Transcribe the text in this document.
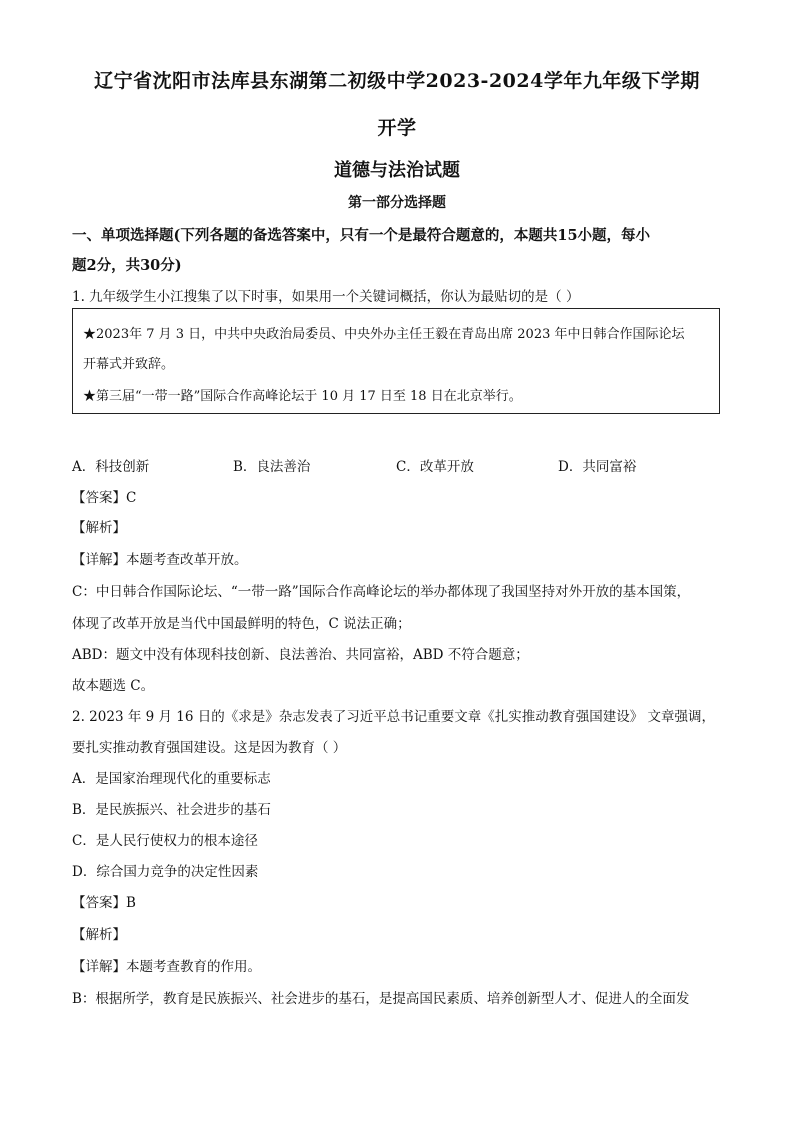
辽宁省沈阳市法库县东湖第二初级中学2023-2024学年九年级下学期
开学
道德与法治试题
第一部分选择题
一、单项选择题(下列各题的备选答案中，只有一个是最符合题意的，本题共15小题，每小
题2分，共30分)
1. 九年级学生小江搜集了以下时事，如果用一个关键词概括，你认为最贴切的是（ ）
★2023年 7 月 3 日，中共中央政治局委员、中央外办主任王毅在青岛出席 2023 年中日韩合作国际论坛
开幕式并致辞。
★第三届“一带一路”国际合作高峰论坛于 10 月 17 日至 18 日在北京举行。
A．科技创新	B．良法善治	C．改革开放	D．共同富裕
【答案】C
【解析】
【详解】本题考查改革开放。
C：中日韩合作国际论坛、“一带一路”国际合作高峰论坛的举办都体现了我国坚持对外开放的基本国策，
体现了改革开放是当代中国最鲜明的特色，C 说法正确；
ABD：题文中没有体现科技创新、良法善治、共同富裕，ABD 不符合题意；
故本题选 C。
2. 2023 年 9 月 16 日的《求是》杂志发表了习近平总书记重要文章《扎实推动教育强国建设》 文章强调，
要扎实推动教育强国建设。这是因为教育（ ）
A．是国家治理现代化的重要标志
B．是民族振兴、社会进步的基石
C．是人民行使权力的根本途径
D．综合国力竞争的决定性因素
【答案】B
【解析】
【详解】本题考查教育的作用。
B：根据所学，教育是民族振兴、社会进步的基石，是提高国民素质、培养创新型人才、促进人的全面发
